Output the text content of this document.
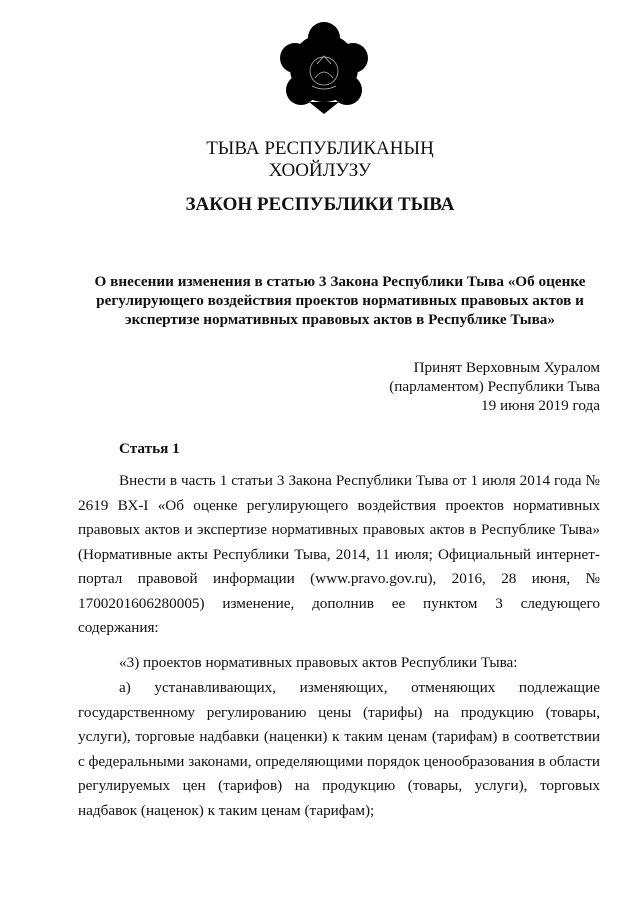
ТЫВА РЕСПУБЛИКАНЫҢ
ХООЙЛУЗУ
ЗАКОН РЕСПУБЛИКИ ТЫВА
О внесении изменения в статью 3 Закона Республики Тыва «Об оценке
регулирующего воздействия проектов нормативных правовых актов и
экспертизе нормативных правовых актов в Республике Тыва»
Принят Верховным Хуралом
(парламентом) Республики Тыва
19 июня 2019 года
Статья 1
Внести в часть 1 статьи 3 Закона Республики Тыва от 1 июля 2014 года № 2619 ВХ-I «Об оценке регулирующего воздействия проектов нормативных правовых актов и экспертизе нормативных правовых актов в Республике Тыва» (Нормативные акты Республики Тыва, 2014, 11 июля; Официальный интернет-портал правовой информации (www.pravo.gov.ru), 2016, 28 июня, № 1700201606280005) изменение, дополнив ее пунктом 3 следующего содержания:
«3) проектов нормативных правовых актов Республики Тыва:
а) устанавливающих, изменяющих, отменяющих подлежащие
государственному регулированию цены (тарифы) на продукцию (товары, услуги), торговые надбавки (наценки) к таким ценам (тарифам) в соответствии с федеральными законами, определяющими порядок ценообразования в области регулируемых цен (тарифов) на продукцию (товары, услуги), торговых надбавок (наценок) к таким ценам (тарифам);
